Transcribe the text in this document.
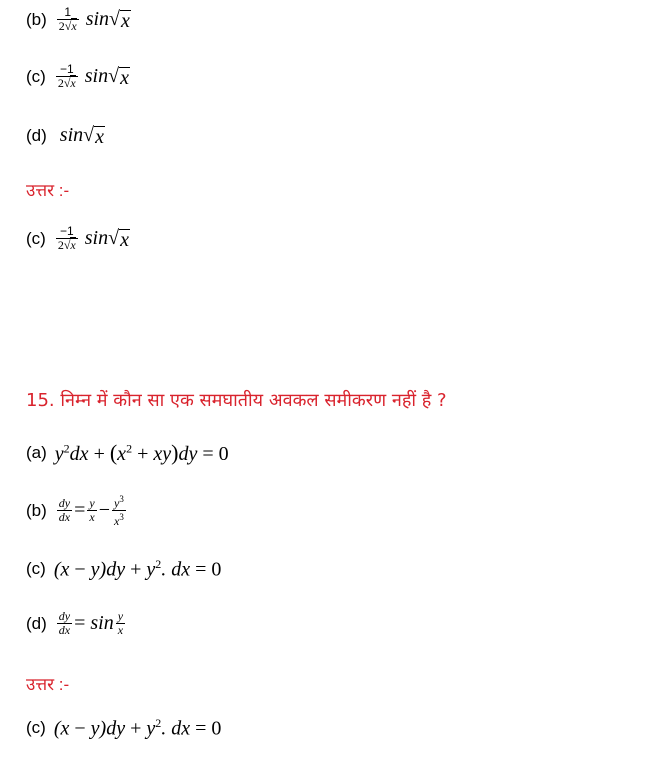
$(b) \frac{1}{2√x}$ sin √ x
$(c) \frac{-1}{2√x}$ sin √ x
(d) sin √ x
उत्तर :-
$(c) \frac{-1}{2√x}$ sin √ x
15. निम्न में कौन सा एक समघातीय अवकल समीकरण नहीं है ?
(a) $y^2dx + (x^2 + xy)dy = 0$
$(b) \frac{dy}{dx} = \frac{y}{x} - \frac{y^3}{x^3}$
(c) $(x - y)dy + y^2$. dx = 0
$(d) \frac{dy}{dx} = \sin \frac{y}{x}$
उत्तर :-
(c) $(x - y)dy + y^2$. dx = 0
